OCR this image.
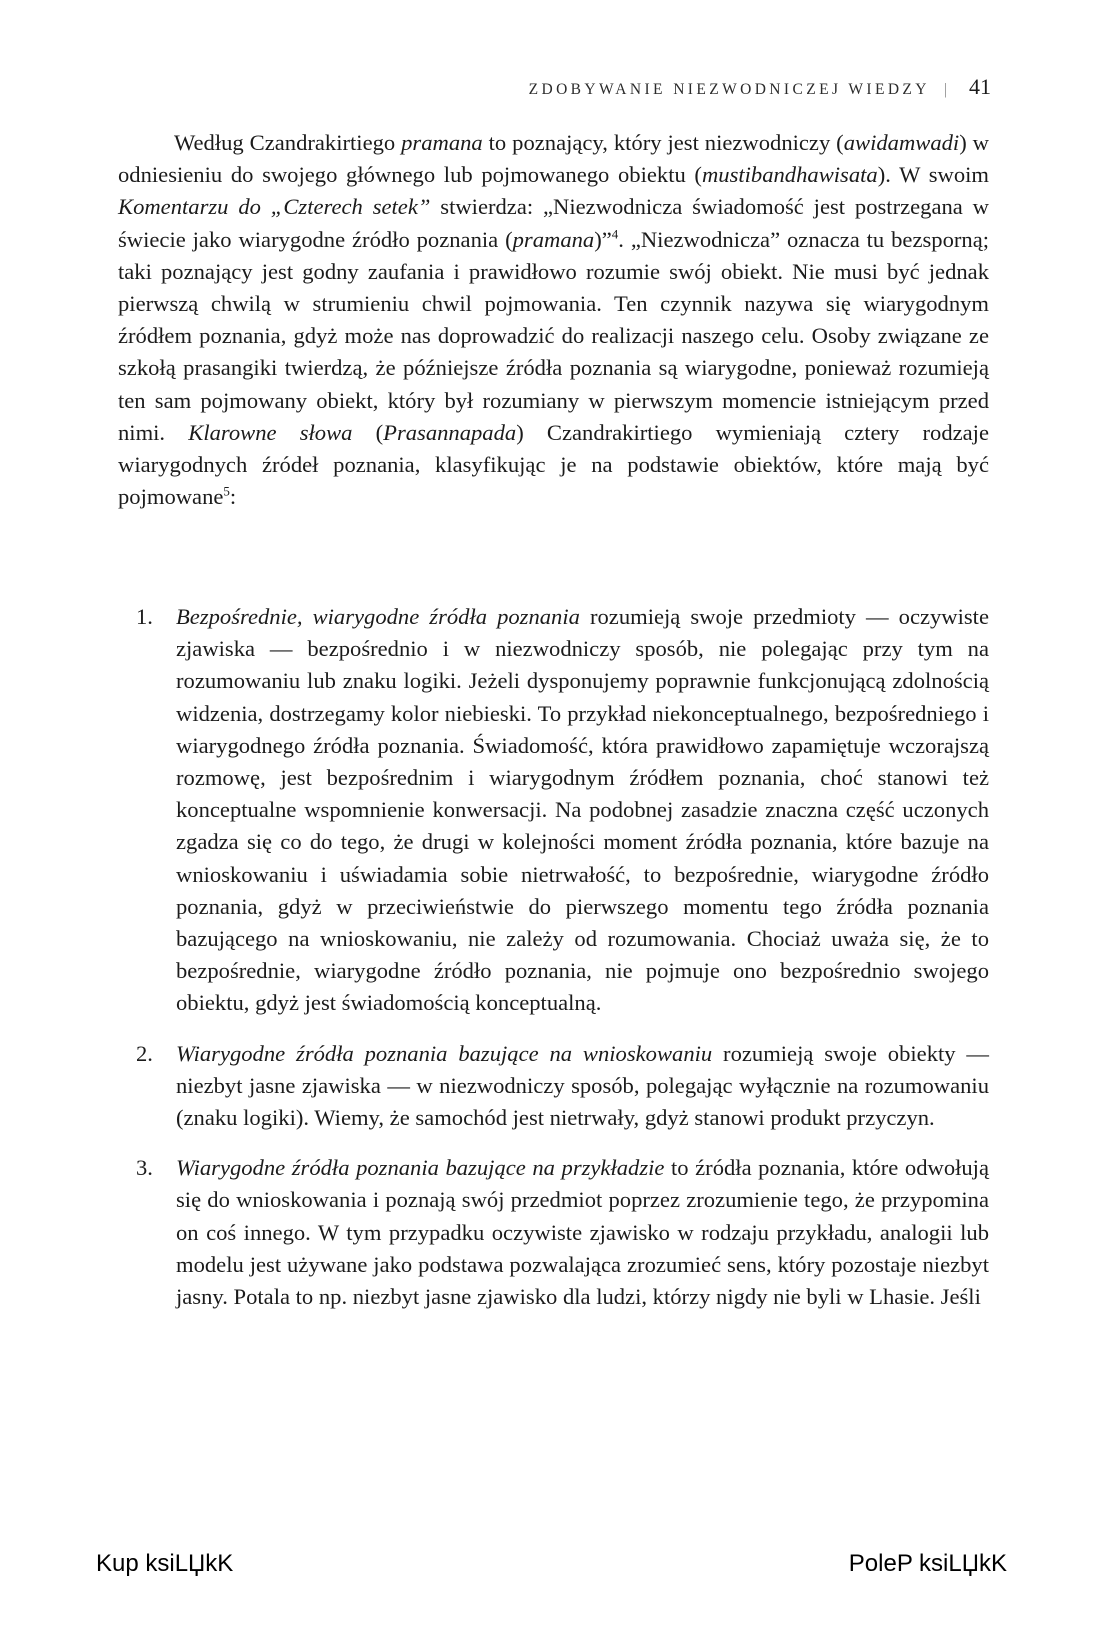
ZDOBYWANIE NIEZWODNICZEJ WIEDZY | 41

Według Czandrakirtiego pramana to poznający, który jest niezwodniczy (awidamwadi) w odniesieniu do swojego głównego lub pojmowanego obiektu (mustibandhawisata). W swoim Komentarzu do „Czterech setek” stwierdza: „Niezwodnicza świadomość jest postrzegana w świecie jako wiarygodne źródło poznania (pramana)”$^4$. „Niezwodnicza” oznacza tu bezsporną; taki poznający jest godny zaufania i prawidłowo rozumie swój obiekt. Nie musi być jednak pierwszą chwilą w strumieniu chwil pojmowania. Ten czynnik nazywa się wiarygodnym źródłem poznania, gdyż może nas doprowadzić do realizacji naszego celu. Osoby związane ze szkołą prasangiki twierdzą, że późniejsze źródła poznania są wiarygodne, ponieważ rozumieją ten sam pojmowany obiekt, który był rozumiany w pierwszym momencie istniejącym przed nimi. Klarowne słowa (Prasannapada) Czandrakirtiego wymieniają cztery rodzaje wiarygodnych źródeł poznania, klasyfikując je na podstawie obiektów, które mają być pojmowane$^5$:

1. Bezpośrednie, wiarygodne źródła poznania rozumieją swoje przedmioty — oczywiste zjawiska — bezpośrednio i w niezwodniczy sposób, nie polegając przy tym na rozumowaniu lub znaku logiki. Jeżeli dysponujemy poprawnie funkcjonującą zdolnością widzenia, dostrzegamy kolor niebieski. To przykład niekonceptualnego, bezpośredniego i wiarygodnego źródła poznania. Świadomość, która prawidłowo zapamiętuje wczorajszą rozmowę, jest bezpośrednim i wiarygodnym źródłem poznania, choć stanowi też konceptualne wspomnienie konwersacji. Na podobnej zasadzie znaczna część uczonych zgadza się co do tego, że drugi w kolejności moment źródła poznania, które bazuje na wnioskowaniu i uświadamia sobie nietrwałość, to bezpośrednie, wiarygodne źródło poznania, gdyż w przeciwieństwie do pierwszego momentu tego źródła poznania bazującego na wnioskowaniu, nie zależy od rozumowania. Chociaż uważa się, że to bezpośrednie, wiarygodne źródło poznania, nie pojmuje ono bezpośrednio swojego obiektu, gdyż jest świadomością konceptualną.

2. Wiarygodne źródła poznania bazujące na wnioskowaniu rozumieją swoje obiekty — niezbyt jasne zjawiska — w niezwodniczy sposób, polegając wyłącznie na rozumowaniu (znaku logiki). Wiemy, że samochód jest nietrwały, gdyż stanowi produkt przyczyn.

3. Wiarygodne źródła poznania bazujące na przykładzie to źródła poznania, które odwołują się do wnioskowania i poznają swój przedmiot poprzez zrozumienie tego, że przypomina on coś innego. W tym przypadku oczywiste zjawisko w rodzaju przykładu, analogii lub modelu jest używane jako podstawa pozwalająca zrozumieć sens, który pozostaje niezbyt jasny. Potala to np. niezbyt jasne zjawisko dla ludzi, którzy nigdy nie byli w Lhasie. Jeśli

Kup ksiLЏkK	PoleP ksiLЏkK
